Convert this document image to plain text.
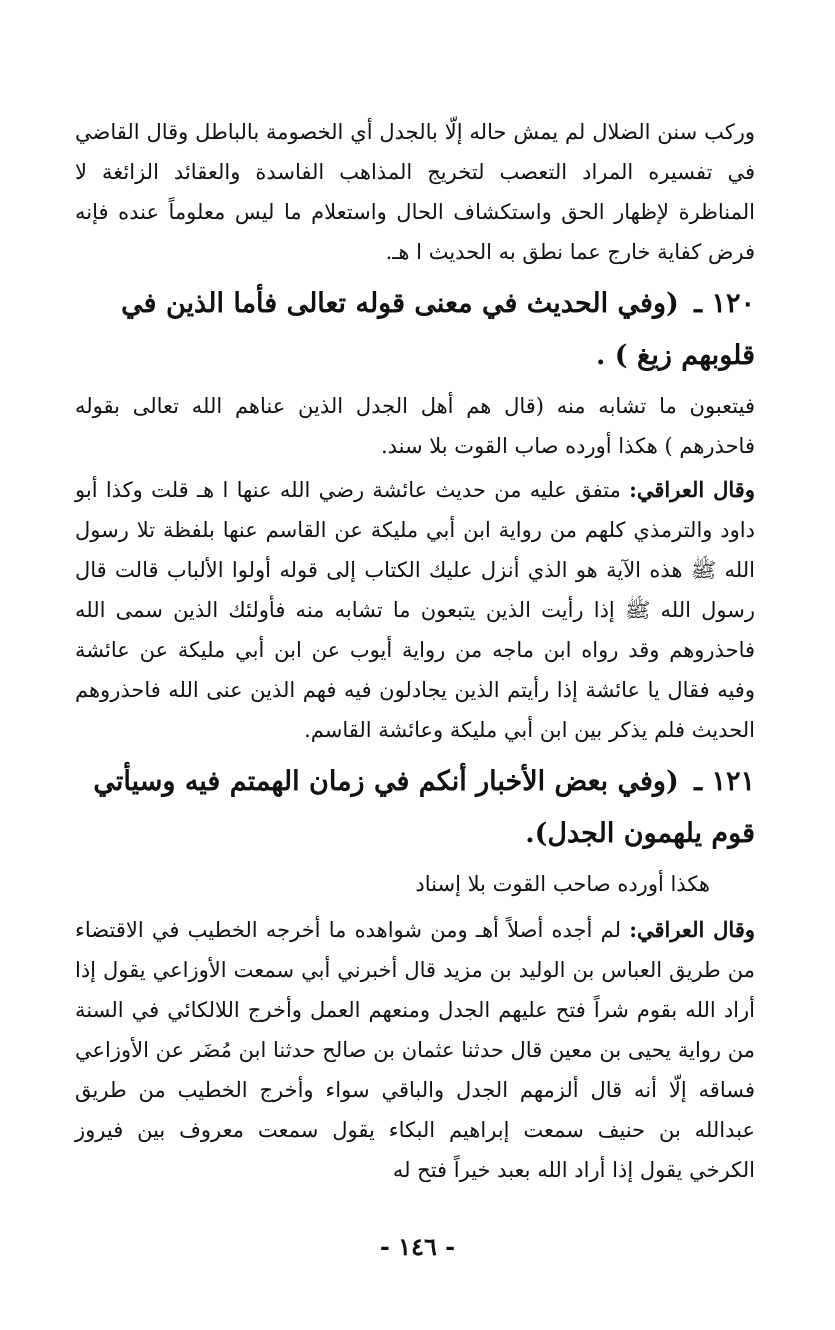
وركب سنن الضلال لم يمش حاله إلّا بالجدل أي الخصومة بالباطل وقال القاضي في تفسيره المراد التعصب لتخريج المذاهب الفاسدة والعقائد الزائغة لا المناظرة لإظهار الحق واستكشاف الحال واستعلام ما ليس معلوماً عنده فإنه فرض كفاية خارج عما نطق به الحديث ا هـ.

١٢٠ ـ (وفي الحديث في معنى قوله تعالى فأما الذين في قلوبهم زيغ ) .

فيتعبون ما تشابه منه (قال هم أهل الجدل الذين عناهم الله تعالى بقوله فاحذرهم ) هكذا أورده صاب القوت بلا سند.

وقال العراقي: متفق عليه من حديث عائشة رضي الله عنها ا هـ قلت وكذا أبو داود والترمذي كلهم من رواية ابن أبي مليكة عن القاسم عنها بلفظة تلا رسول الله ﷺ هذه الآية هو الذي أنزل عليك الكتاب إلى قوله أولوا الألباب قالت قال رسول الله ﷺ إذا رأيت الذين يتبعون ما تشابه منه فأولئك الذين سمى الله فاحذروهم وقد رواه ابن ماجه من رواية أيوب عن ابن أبي مليكة عن عائشة وفيه فقال يا عائشة إذا رأيتم الذين يجادلون فيه فهم الذين عنى الله فاحذروهم الحديث فلم يذكر بين ابن أبي مليكة وعائشة القاسم.

١٢١ ـ (وفي بعض الأخبار أنكم في زمان الهمتم فيه وسيأتي قوم يلهمون الجدل).

هكذا أورده صاحب القوت بلا إسناد

وقال العراقي: لم أجده أصلاً أهـ ومن شواهده ما أخرجه الخطيب في الاقتضاء من طريق العباس بن الوليد بن مزيد قال أخبرني أبي سمعت الأوزاعي يقول إذا أراد الله بقوم شراً فتح عليهم الجدل ومنعهم العمل وأخرج اللالكائي في السنة من رواية يحيى بن معين قال حدثنا عثمان بن صالح حدثنا ابن مُضَر عن الأوزاعي فساقه إلّا أنه قال ألزمهم الجدل والباقي سواء وأخرج الخطيب من طريق عبدالله بن حنيف سمعت إبراهيم البكاء يقول سمعت معروف بين فيروز الكرخي يقول إذا أراد الله بعبد خيراً فتح له

- ١٤٦ -
